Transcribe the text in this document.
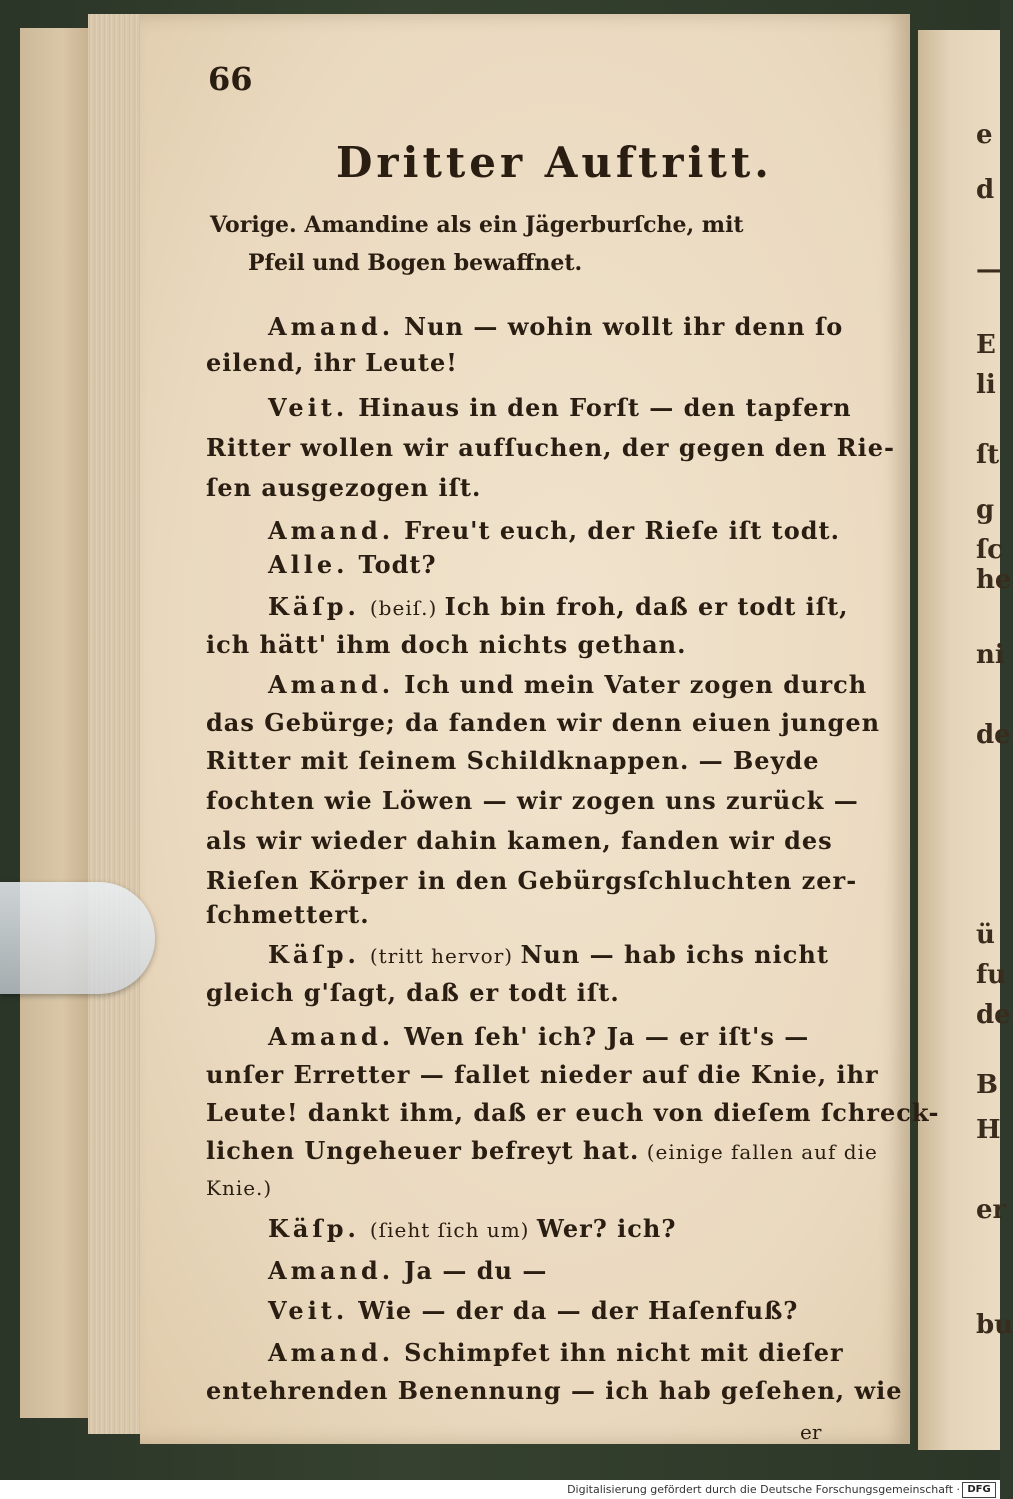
e
d
—
E
li
ſt
g
ſc
he
ni
de
ü
fu
de
B
H
er
bu
66
Dritter Auftritt.
Vorige. Amandine als ein Jägerburſche, mit
Pfeil und Bogen bewaffnet.
Amand. Nun — wohin wollt ihr denn ſo
eilend, ihr Leute!
Veit. Hinaus in den Forſt — den tapfern
Ritter wollen wir aufſuchen, der gegen den Rie-
ſen ausgezogen iſt.
Amand. Freu't euch, der Rieſe iſt todt.
Alle. Todt?
Käſp. (beiſ.) Ich bin froh, daß er todt iſt,
ich hätt' ihm doch nichts gethan.
Amand. Ich und mein Vater zogen durch
das Gebürge; da fanden wir denn eiuen jungen
Ritter mit ſeinem Schildknappen. — Beyde
fochten wie Löwen — wir zogen uns zurück —
als wir wieder dahin kamen, fanden wir des
Rieſen Körper in den Gebürgsſchluchten zer-
ſchmettert.
Käſp. (tritt hervor) Nun — hab ichs nicht
gleich g'ſagt, daß er todt iſt.
Amand. Wen ſeh' ich? Ja — er iſt's —
unſer Erretter — fallet nieder auf die Knie, ihr
Leute! dankt ihm, daß er euch von dieſem ſchreck-
lichen Ungeheuer befreyt hat. (einige fallen auf die
Knie.)
Käſp. (ſieht ſich um) Wer? ich?
Amand. Ja — du —
Veit. Wie — der da — der Haſenfuß?
Amand. Schimpfet ihn nicht mit dieſer
entehrenden Benennung — ich hab geſehen, wie
er
Digitalisierung gefördert durch die Deutsche Forschungsgemeinschaft · DFG
